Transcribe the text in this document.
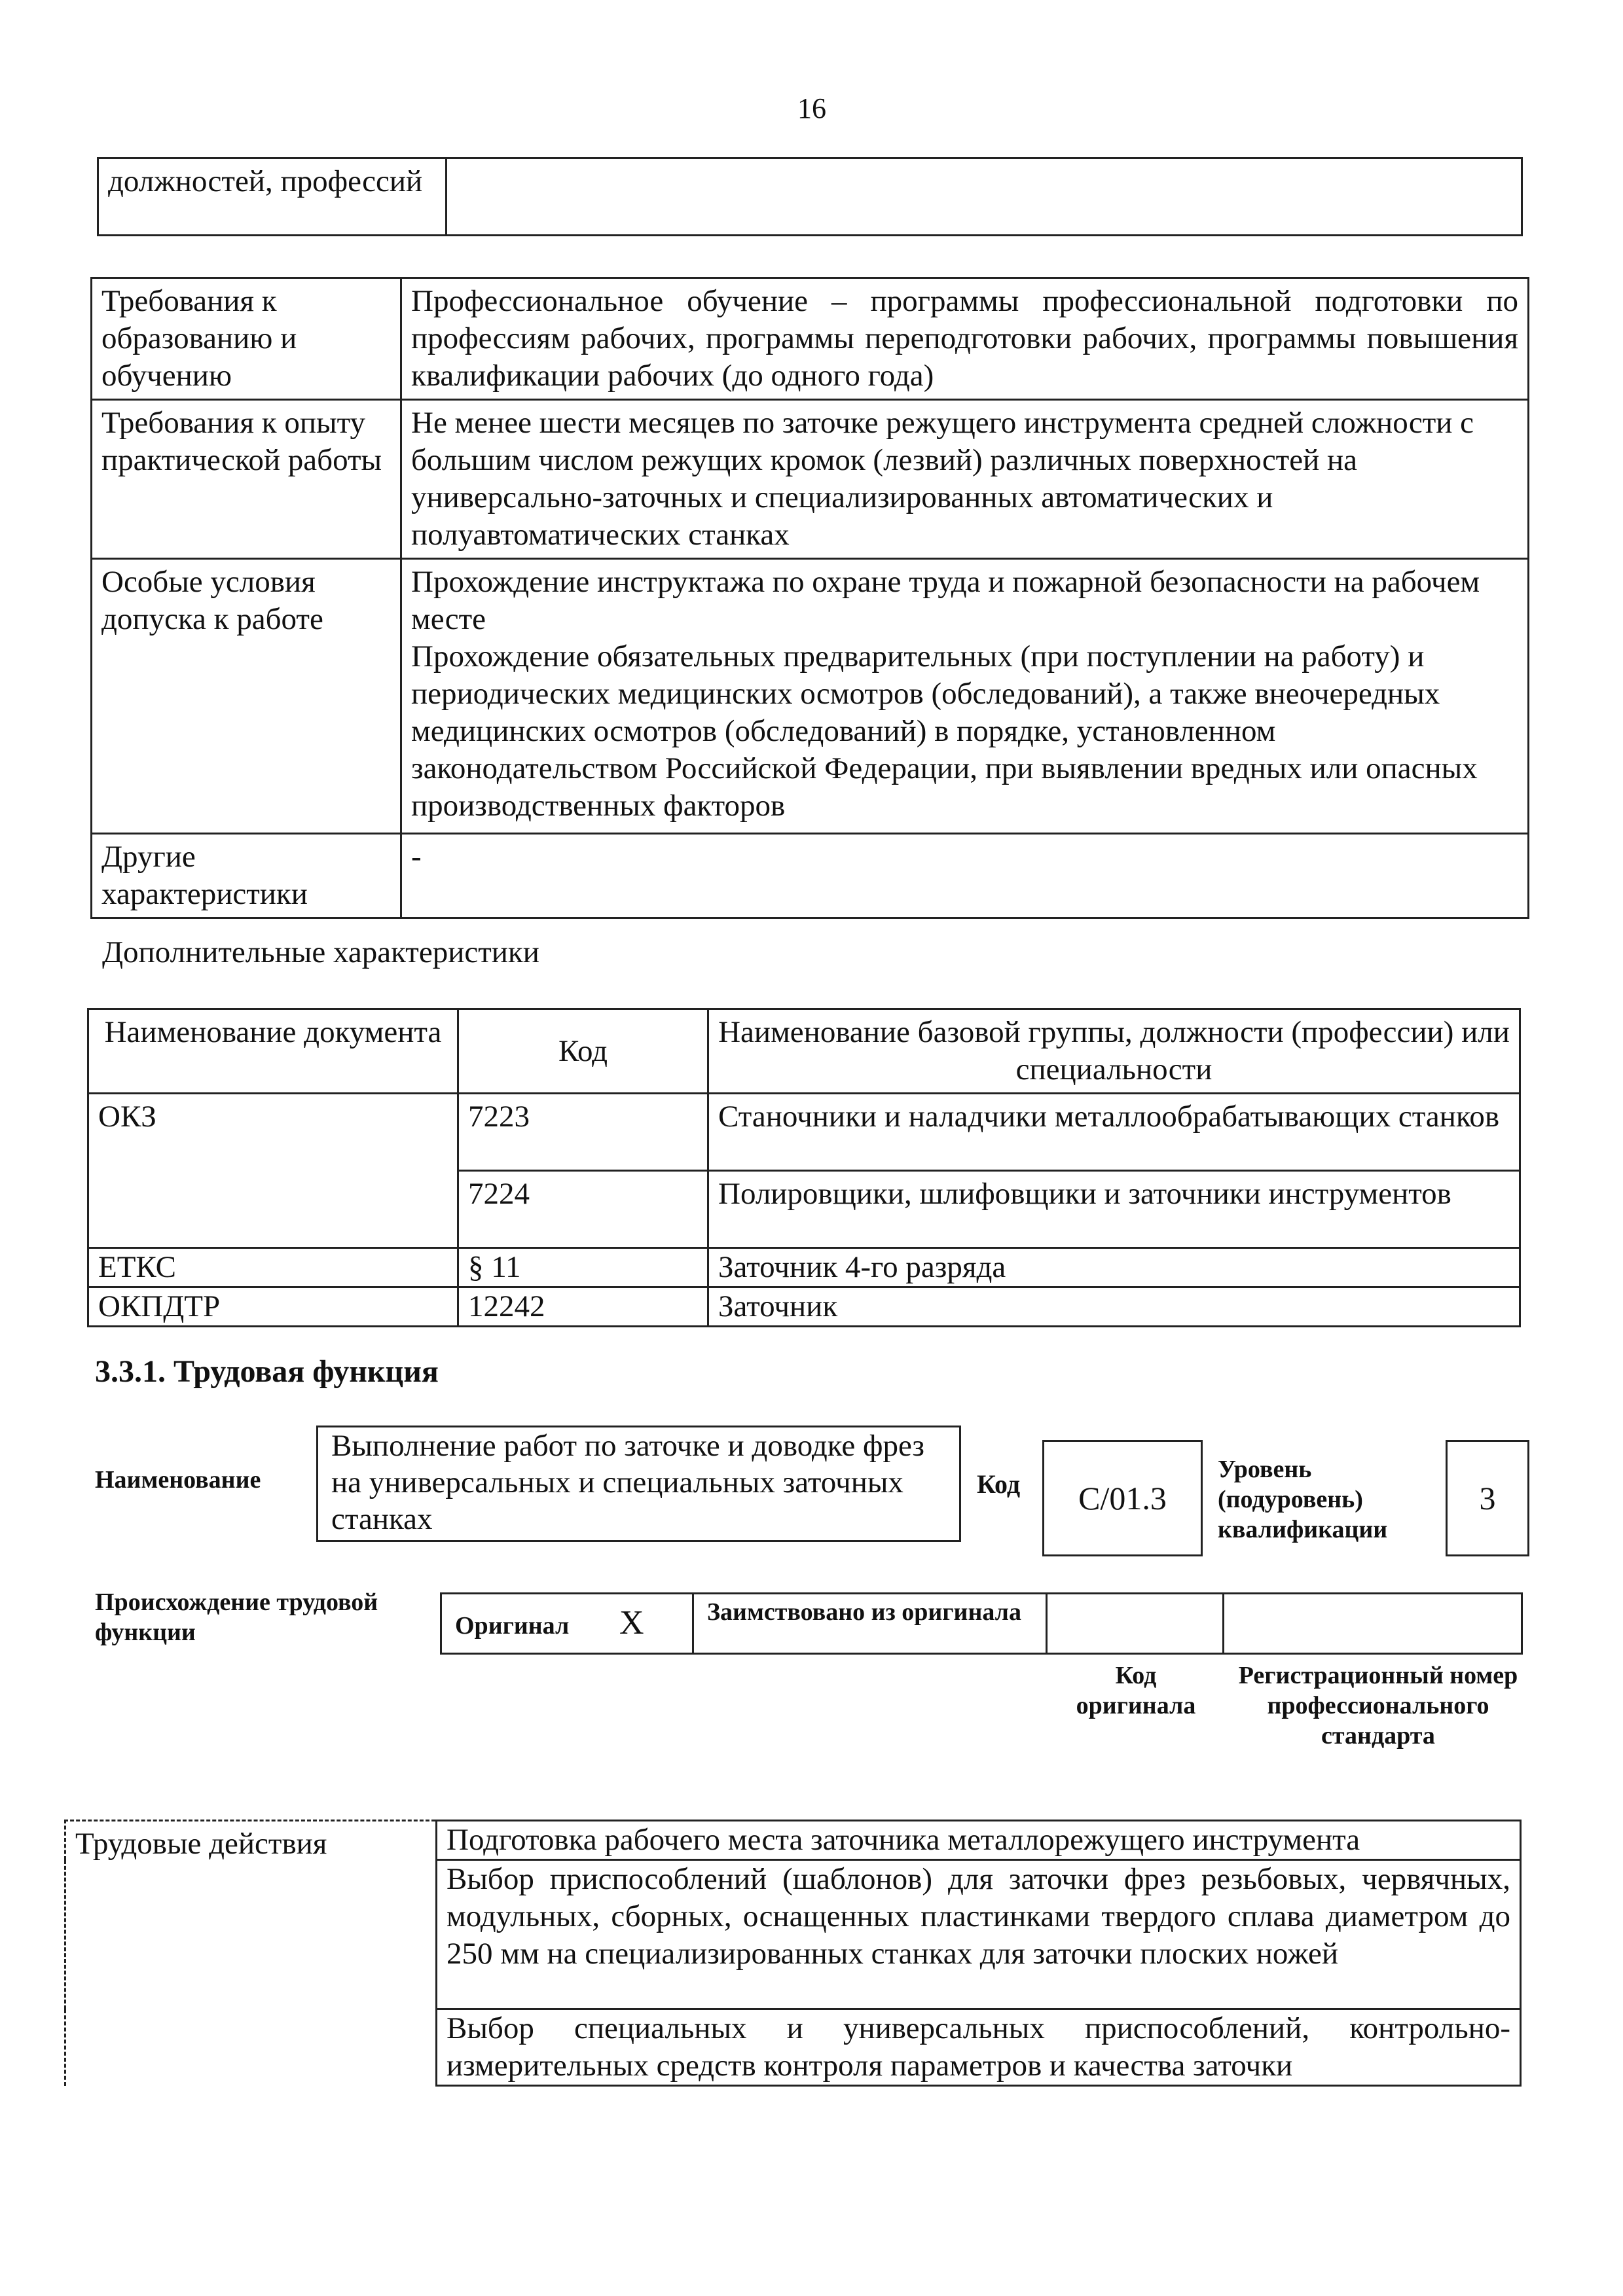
16
должностей, профессий	
Требования к образованию и обучению	Профессиональное обучение – программы профессиональной подготовки по профессиям рабочих, программы переподготовки рабочих, программы повышения квалификации рабочих (до одного года)
Требования к опыту практической работы	Не менее шести месяцев по заточке режущего инструмента средней сложности с большим числом режущих кромок (лезвий) различных поверхностей на универсально-заточных и специализированных автоматических и полуавтоматических станках
Особые условия допуска к работе	Прохождение инструктажа по охране труда и пожарной безопасности на рабочем месте
Прохождение обязательных предварительных (при поступлении на работу) и периодических медицинских осмотров (обследований), а также внеочередных медицинских осмотров (обследований) в порядке, установленном законодательством Российской Федерации, при выявлении вредных или опасных производственных факторов

Другие характеристики	-
Дополнительные характеристики
Наименование документа	Код	Наименование базовой группы, должности (профессии) или специальности
ОКЗ	7223	Станочники и наладчики металлообрабатывающих станков
	7224	Полировщики, шлифовщики и заточники инструментов
ЕТКС	§ 11	Заточник 4-го разряда
ОКПДТР	12242	Заточник
3.3.1. Трудовая функция
Наименование
Выполнение работ по заточке и доводке фрез на универсальных и специальных заточных станках
Код С/01.3
Уровень (подуровень) квалификации
3
Происхождение трудовой функции	Оригинал X	Заимствовано из оригинала		
Код оригинала
Регистрационный номер профессионального стандарта
Трудовые действия	Подготовка рабочего места заточника металлорежущего инструмента
Выбор приспособлений (шаблонов) для заточки фрез резьбовых, червячных, модульных, сборных, оснащенных пластинками твердого сплава диаметром до 250 мм на специализированных станках для заточки плоских ножей
Выбор специальных и универсальных приспособлений, контрольно-измерительных средств контроля параметров и качества заточки
